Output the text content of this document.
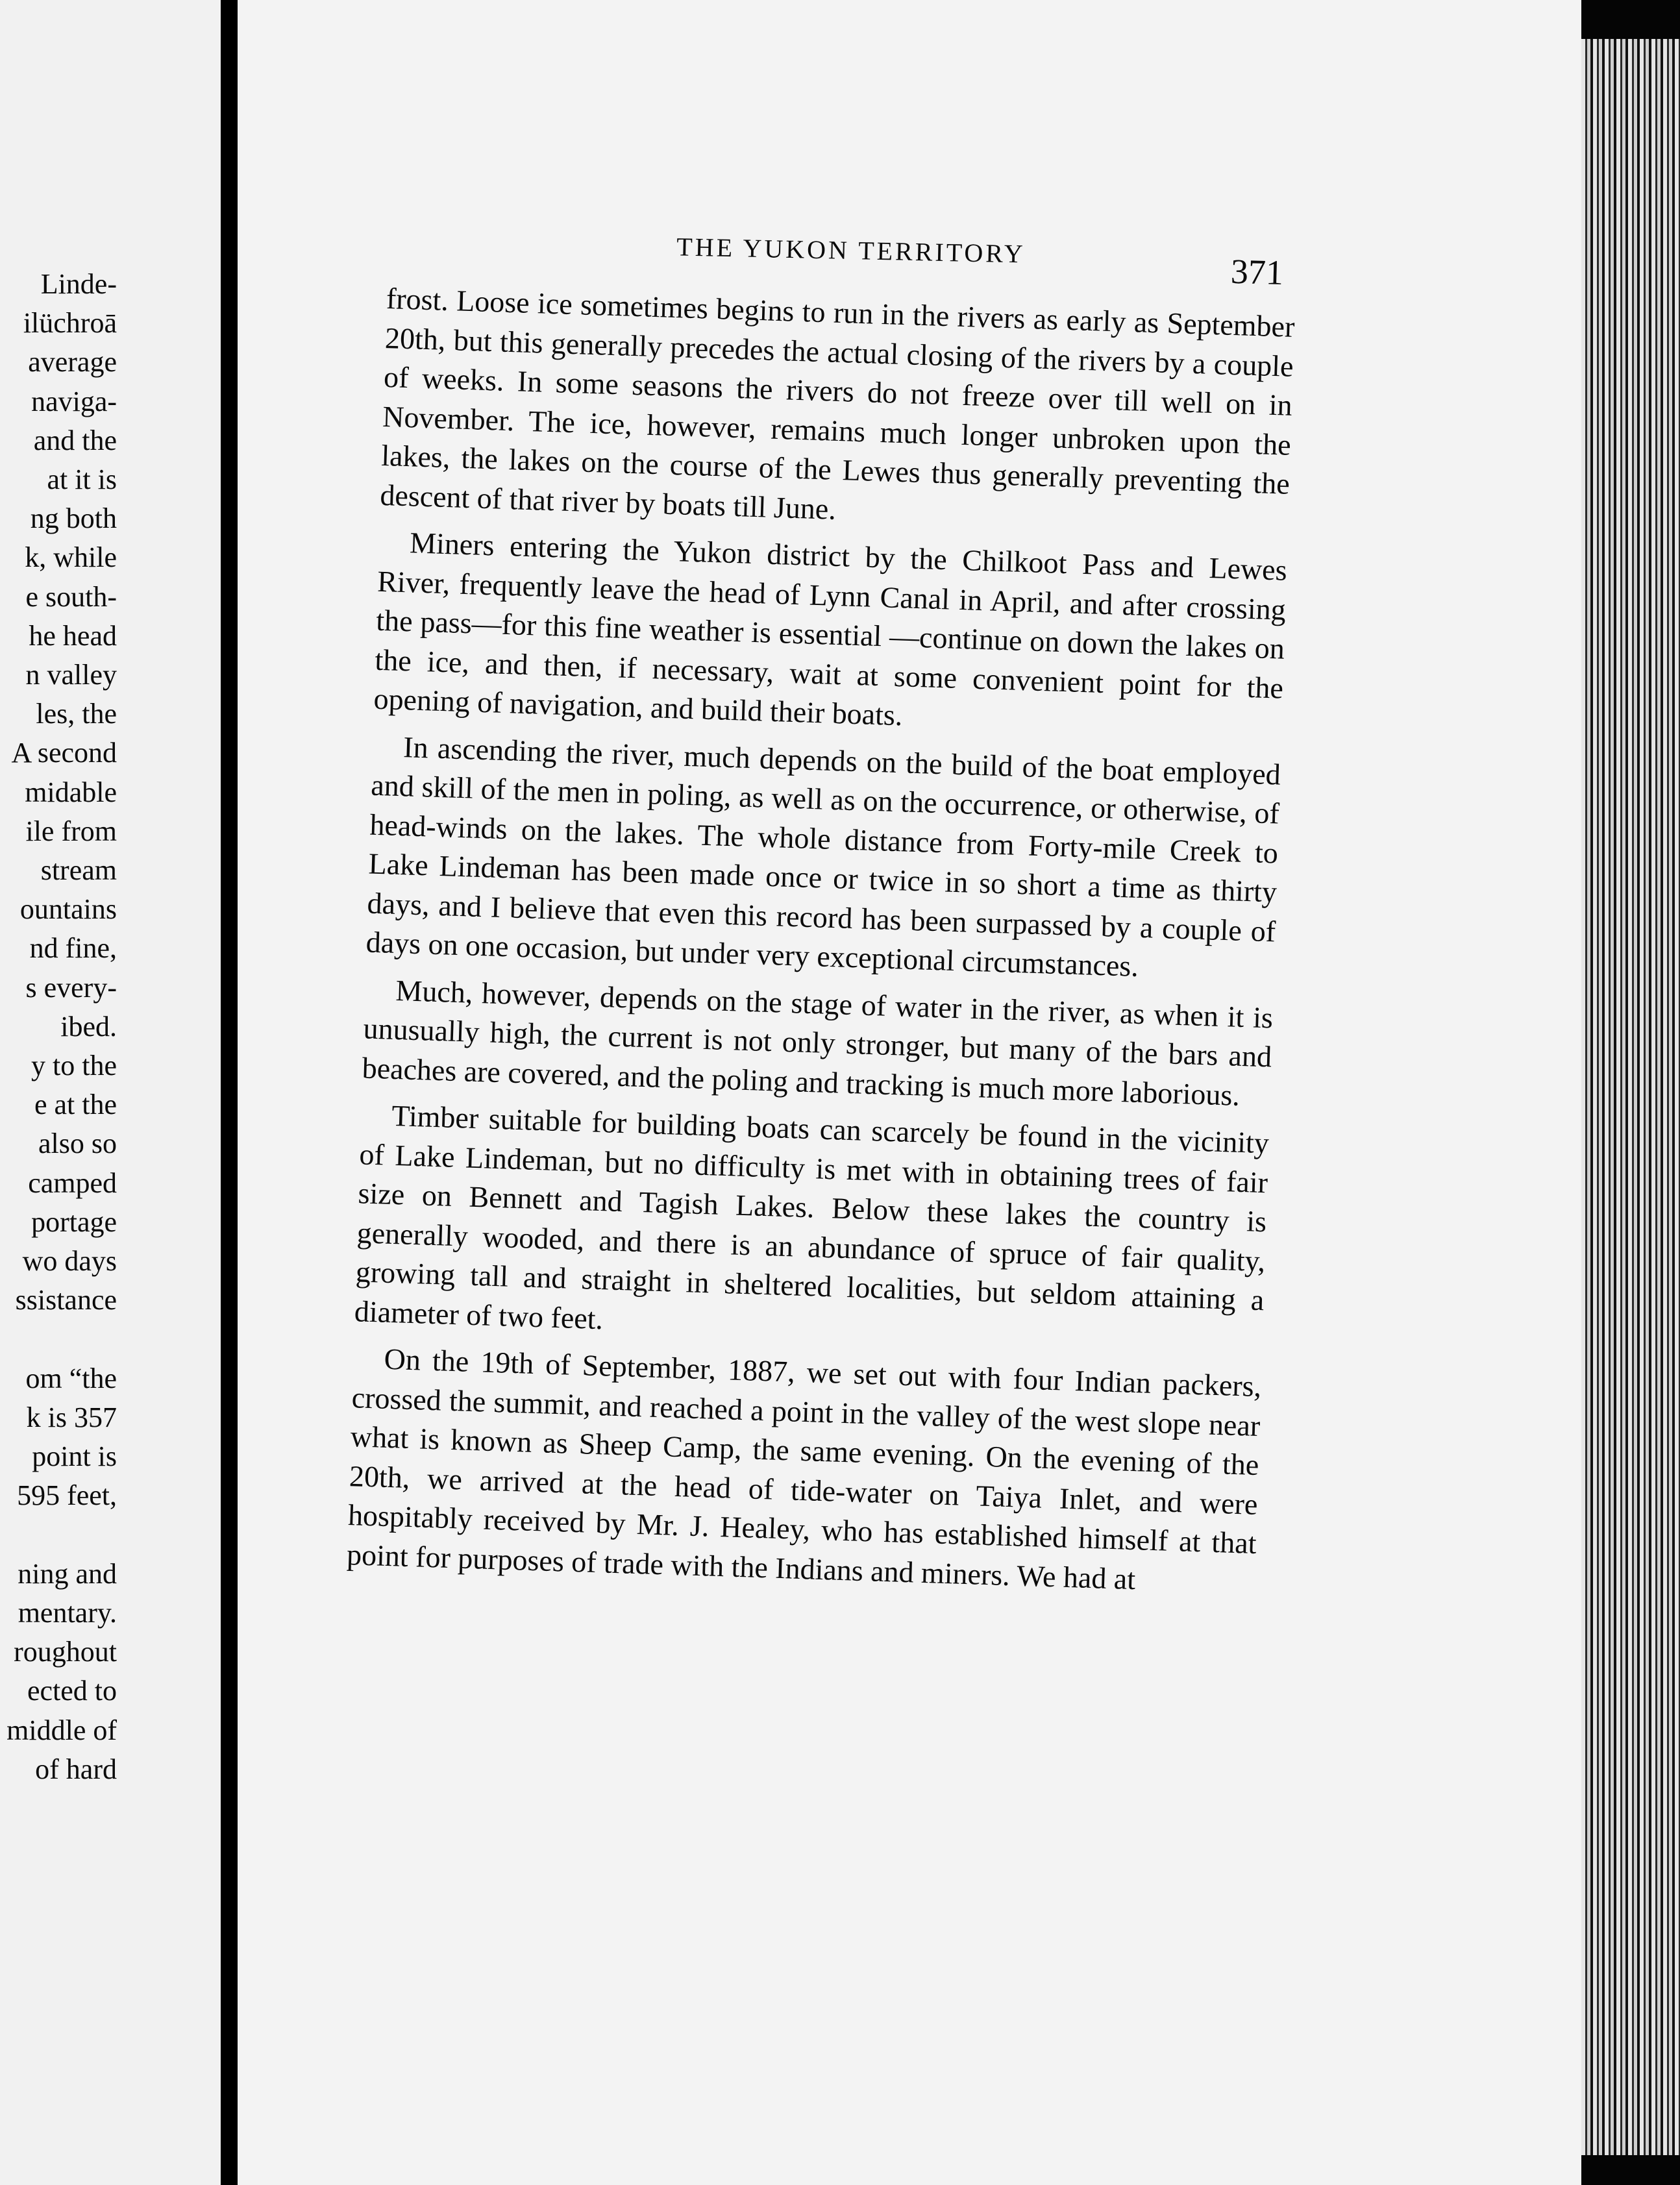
Linde-
ilüchroā
average
naviga-
and the
at it is
ng both
k, while
e south-
he head
n valley
les, the
A second
midable
ile from
stream
ountains
nd fine,
s every-
ibed.
y to the
e at the
also so
camped
portage
wo days
ssistance

om “the
k is 357
point is
595 feet,

ning and
mentary.
roughout
ected to
middle of
of hard
THE YUKON TERRITORY
371

frost. Loose ice sometimes begins to run in the rivers as early as September 20th, but this generally precedes the actual closing of the rivers by a couple of weeks. In some seasons the rivers do not freeze over till well on in November. The ice, however, remains much longer unbroken upon the lakes, the lakes on the course of the Lewes thus generally preventing the descent of that river by boats till June.

Miners entering the Yukon district by the Chilkoot Pass and Lewes River, frequently leave the head of Lynn Canal in April, and after crossing the pass—for this fine weather is essential —continue on down the lakes on the ice, and then, if necessary, wait at some convenient point for the opening of navigation, and build their boats.

In ascending the river, much depends on the build of the boat employed and skill of the men in poling, as well as on the occurrence, or otherwise, of head-winds on the lakes. The whole distance from Forty-mile Creek to Lake Lindeman has been made once or twice in so short a time as thirty days, and I believe that even this record has been surpassed by a couple of days on one occasion, but under very exceptional circumstances.

Much, however, depends on the stage of water in the river, as when it is unusually high, the current is not only stronger, but many of the bars and beaches are covered, and the poling and tracking is much more laborious.

Timber suitable for building boats can scarcely be found in the vicinity of Lake Lindeman, but no difficulty is met with in obtaining trees of fair size on Bennett and Tagish Lakes. Below these lakes the country is generally wooded, and there is an abundance of spruce of fair quality, growing tall and straight in sheltered localities, but seldom attaining a diameter of two feet.

On the 19th of September, 1887, we set out with four Indian packers, crossed the summit, and reached a point in the valley of the west slope near what is known as Sheep Camp, the same evening. On the evening of the 20th, we arrived at the head of tide-water on Taiya Inlet, and were hospitably received by Mr. J. Healey, who has established himself at that point for purposes of trade with the Indians and miners. We had at
